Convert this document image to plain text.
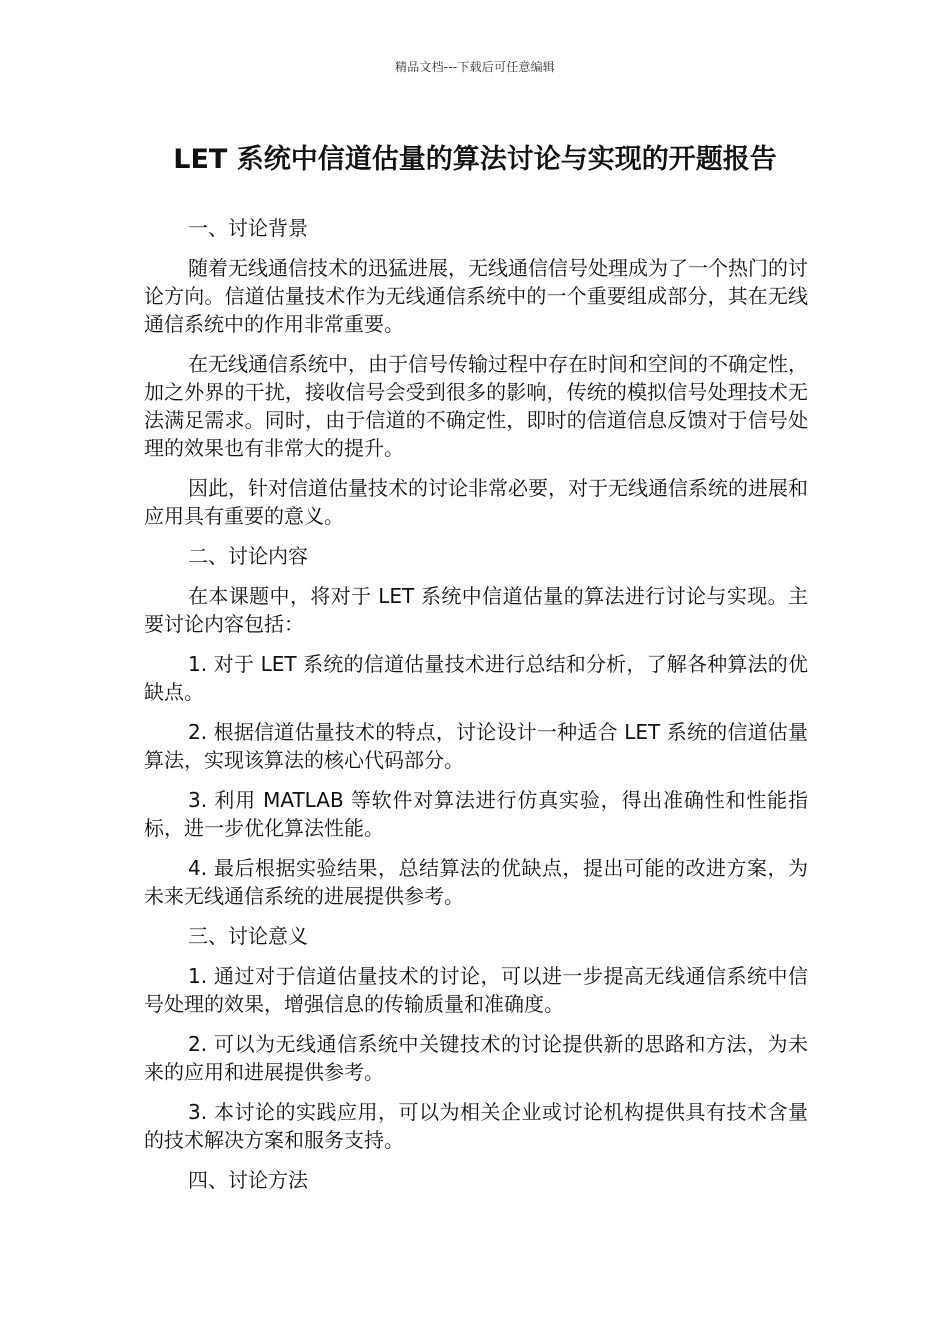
精品文档---下载后可任意编辑
LET 系统中信道估量的算法讨论与实现的开题报告

一、讨论背景

随着无线通信技术的迅猛进展，无线通信信号处理成为了一个热门的讨论方向。信道估量技术作为无线通信系统中的一个重要组成部分，其在无线通信系统中的作用非常重要。

在无线通信系统中，由于信号传输过程中存在时间和空间的不确定性，加之外界的干扰，接收信号会受到很多的影响，传统的模拟信号处理技术无法满足需求。同时，由于信道的不确定性，即时的信道信息反馈对于信号处理的效果也有非常大的提升。

因此，针对信道估量技术的讨论非常必要，对于无线通信系统的进展和应用具有重要的意义。

二、讨论内容

在本课题中，将对于 LET 系统中信道估量的算法进行讨论与实现。主要讨论内容包括：

1. 对于 LET 系统的信道估量技术进行总结和分析，了解各种算法的优缺点。

2. 根据信道估量技术的特点，讨论设计一种适合 LET 系统的信道估量算法，实现该算法的核心代码部分。

3. 利用 MATLAB 等软件对算法进行仿真实验，得出准确性和性能指标，进一步优化算法性能。

4. 最后根据实验结果，总结算法的优缺点，提出可能的改进方案，为未来无线通信系统的进展提供参考。

三、讨论意义

1. 通过对于信道估量技术的讨论，可以进一步提高无线通信系统中信号处理的效果，增强信息的传输质量和准确度。

2. 可以为无线通信系统中关键技术的讨论提供新的思路和方法，为未来的应用和进展提供参考。

3. 本讨论的实践应用，可以为相关企业或讨论机构提供具有技术含量的技术解决方案和服务支持。

四、讨论方法
